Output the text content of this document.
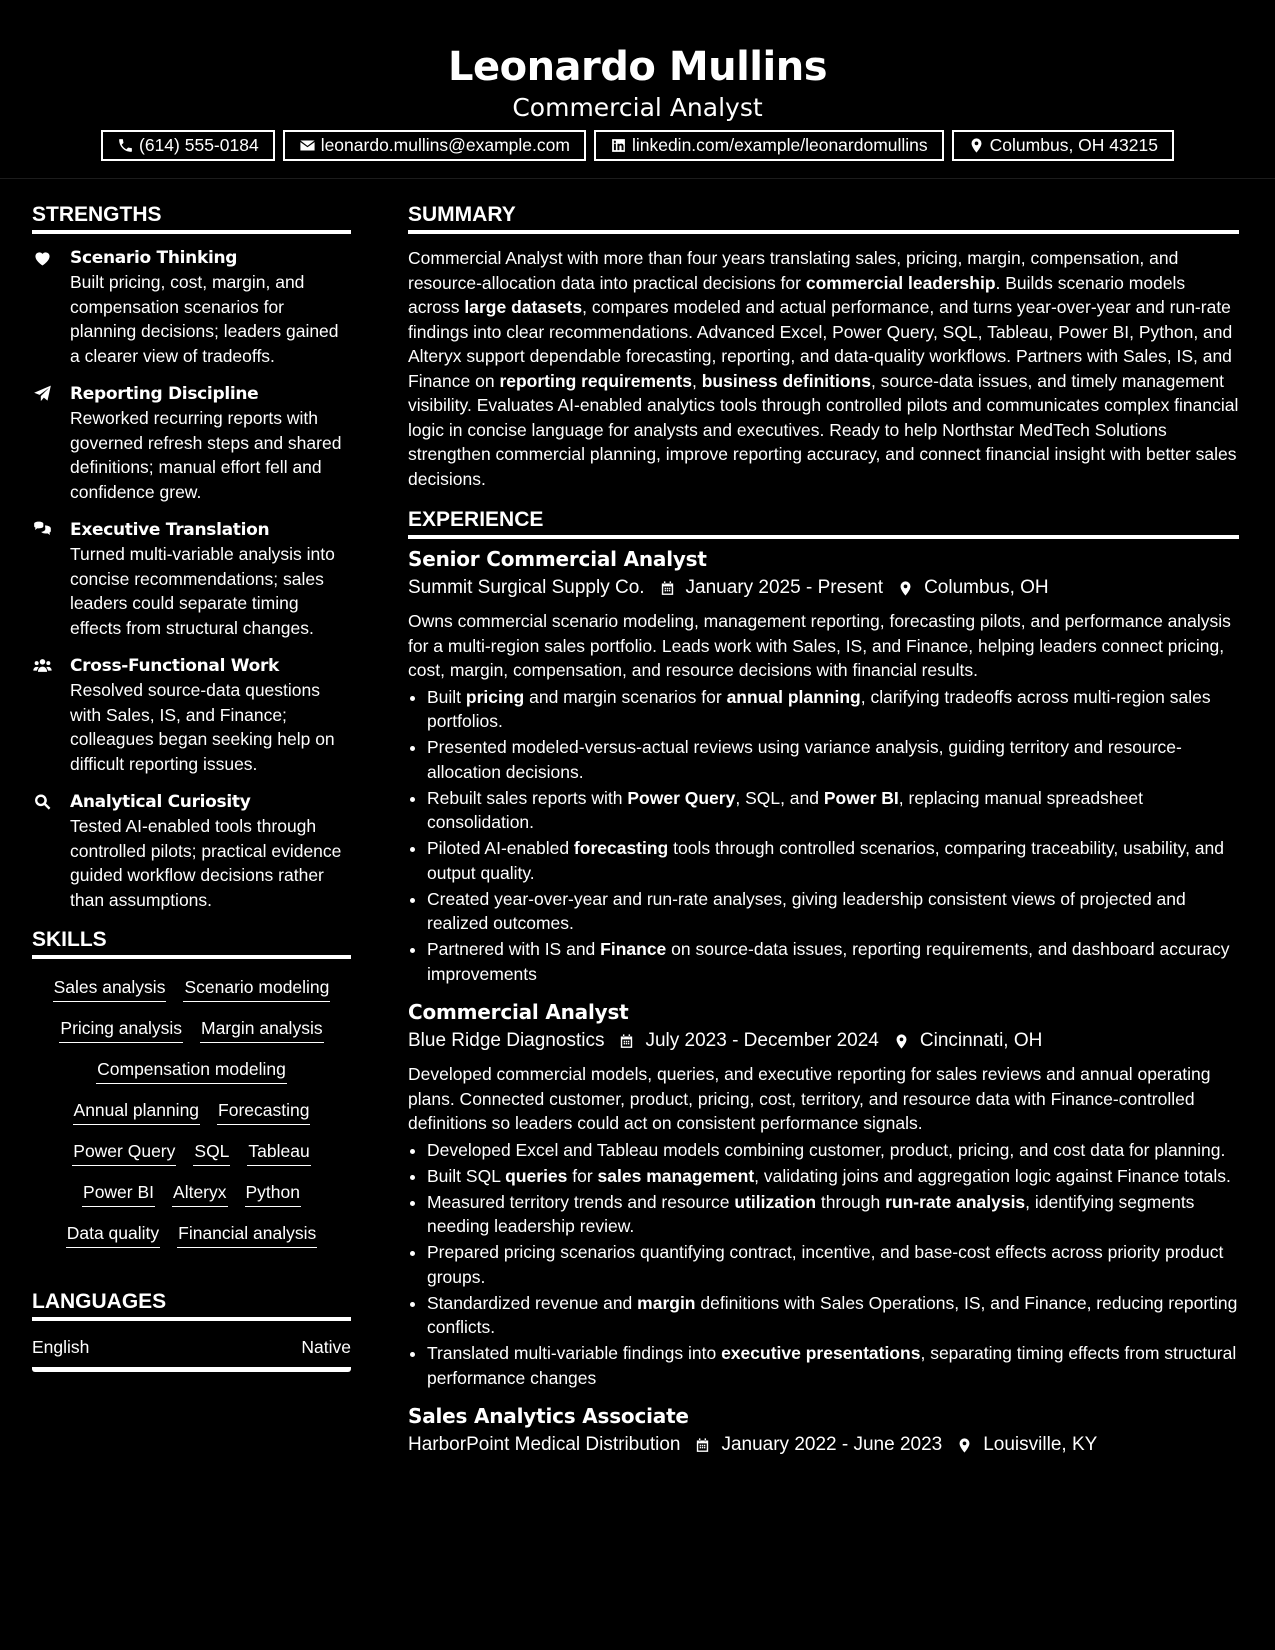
Leonardo Mullins
Commercial Analyst
(614) 555-0184	leonardo.mullins@example.com	linkedin.com/example/leonardomullins	Columbus, OH 43215
STRENGTHS
Scenario Thinking
Built pricing, cost, margin, and compensation scenarios for planning decisions; leaders gained a clearer view of tradeoffs.
Reporting Discipline
Reworked recurring reports with governed refresh steps and shared definitions; manual effort fell and confidence grew.
Executive Translation
Turned multi-variable analysis into concise recommendations; sales leaders could separate timing effects from structural changes.
Cross-Functional Work
Resolved source-data questions with Sales, IS, and Finance; colleagues began seeking help on difficult reporting issues.
Analytical Curiosity
Tested AI-enabled tools through controlled pilots; practical evidence guided workflow decisions rather than assumptions.
SKILLS
Sales analysis Scenario modeling
Pricing analysis Margin analysis
Compensation modeling
Annual planning Forecasting
Power Query SQL Tableau
Power BI Alteryx Python
Data quality Financial analysis
LANGUAGES
English	Native
SUMMARY

Commercial Analyst with more than four years translating sales, pricing, margin, compensation, and resource-allocation data into practical decisions for commercial leadership. Builds scenario models across large datasets, compares modeled and actual performance, and turns year-over-year and run-rate findings into clear recommendations. Advanced Excel, Power Query, SQL, Tableau, Power BI, Python, and Alteryx support dependable forecasting, reporting, and data-quality workflows. Partners with Sales, IS, and Finance on reporting requirements, business definitions, source-data issues, and timely management visibility. Evaluates AI-enabled analytics tools through controlled pilots and communicates complex financial logic in concise language for analysts and executives. Ready to help Northstar MedTech Solutions strengthen commercial planning, improve reporting accuracy, and connect financial insight with better sales decisions.

EXPERIENCE
Senior Commercial Analyst
Summit Surgical Supply Co. January 2025 - Present Columbus, OH

Owns commercial scenario modeling, management reporting, forecasting pilots, and performance analysis for a multi-region sales portfolio. Leads work with Sales, IS, and Finance, helping leaders connect pricing, cost, margin, compensation, and resource decisions with financial results.

• Built pricing and margin scenarios for annual planning, clarifying tradeoffs across multi-region sales portfolios.
• Presented modeled-versus-actual reviews using variance analysis, guiding territory and resource-allocation decisions.
• Rebuilt sales reports with Power Query, SQL, and Power BI, replacing manual spreadsheet consolidation.
• Piloted AI-enabled forecasting tools through controlled scenarios, comparing traceability, usability, and output quality.
• Created year-over-year and run-rate analyses, giving leadership consistent views of projected and realized outcomes.
• Partnered with IS and Finance on source-data issues, reporting requirements, and dashboard accuracy improvements
Commercial Analyst
Blue Ridge Diagnostics July 2023 - December 2024 Cincinnati, OH

Developed commercial models, queries, and executive reporting for sales reviews and annual operating plans. Connected customer, product, pricing, cost, territory, and resource data with Finance-controlled definitions so leaders could act on consistent performance signals.

• Developed Excel and Tableau models combining customer, product, pricing, and cost data for planning.
• Built SQL queries for sales management, validating joins and aggregation logic against Finance totals.
• Measured territory trends and resource utilization through run-rate analysis, identifying segments needing leadership review.
• Prepared pricing scenarios quantifying contract, incentive, and base-cost effects across priority product groups.
• Standardized revenue and margin definitions with Sales Operations, IS, and Finance, reducing reporting conflicts.
• Translated multi-variable findings into executive presentations, separating timing effects from structural performance changes
Sales Analytics Associate
HarborPoint Medical Distribution January 2022 - June 2023 Louisville, KY
